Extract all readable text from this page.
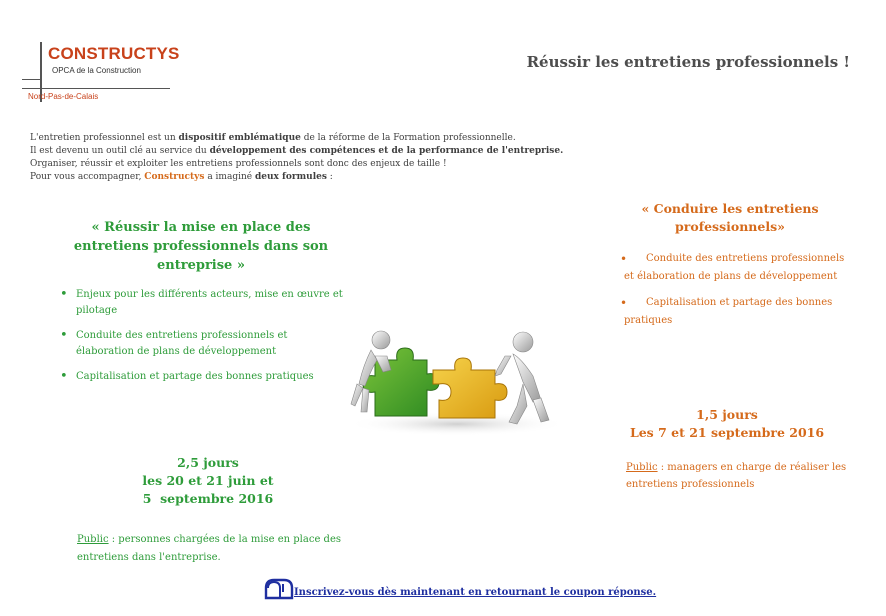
CONSTRUCTYS
OPCA de la Construction
Nord-Pas-de-Calais
Réussir les entretiens professionnels !

L'entretien professionnel est un dispositif emblématique de la réforme de la Formation professionnelle.

Il est devenu un outil clé au service du développement des compétences et de la performance de l'entreprise.

Organiser, réussir et exploiter les entretiens professionnels sont donc des enjeux de taille !

Pour vous accompagner, Constructys a imaginé deux formules :

« Réussir la mise en place des entretiens professionnels dans son entreprise »
• Enjeux pour les différents acteurs, mise en œuvre et pilotage
• Conduite des entretiens professionnels et élaboration de plans de développement
• Capitalisation et partage des bonnes pratiques
2,5 jours
les 20 et 21 juin et
5  septembre 2016
Public : personnes chargées de la mise en place des entretiens dans l'entreprise.
« Conduire les entretiens professionnels»
• Conduite des entretiens professionnels et élaboration de plans de développement
• Capitalisation et partage des bonnes pratiques
1,5 jours
Les 7 et 21 septembre 2016
Public : managers en charge de réaliser les entretiens professionnels
Inscrivez-vous dès maintenant en retournant le coupon réponse.
